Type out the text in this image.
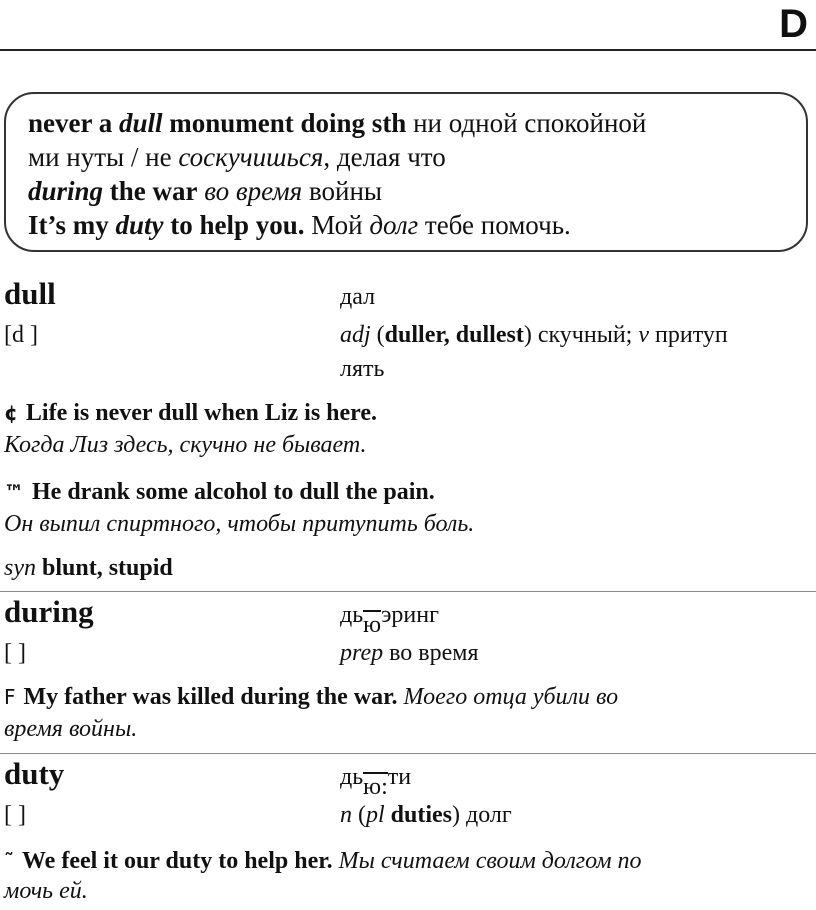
D
never a dull monument doing sth ни одной спокойной
ми нуты / не соскучишься, делая что
during the war во время войны
It’s my duty to help you. Мой долг тебе помочь.
dull	дал
[d ]	adj (duller, dullest) скучный; v притуп
лять
¢ Life is never dull when Liz is here.
Когда Лиз здесь, скучно не бывает.
™ He drank some alcohol to dull the pain.
Он выпил спиртного, чтобы притупить боль.
syn blunt, stupid
during	дьюэринг
[ ]	prep во время
F My father was killed during the war. Моего отца убили во
время войны.
duty	дью:ти
[ ]	n (pl duties) долг
˜ We feel it our duty to help her. Мы считаем своим долгом по
мочь ей.
